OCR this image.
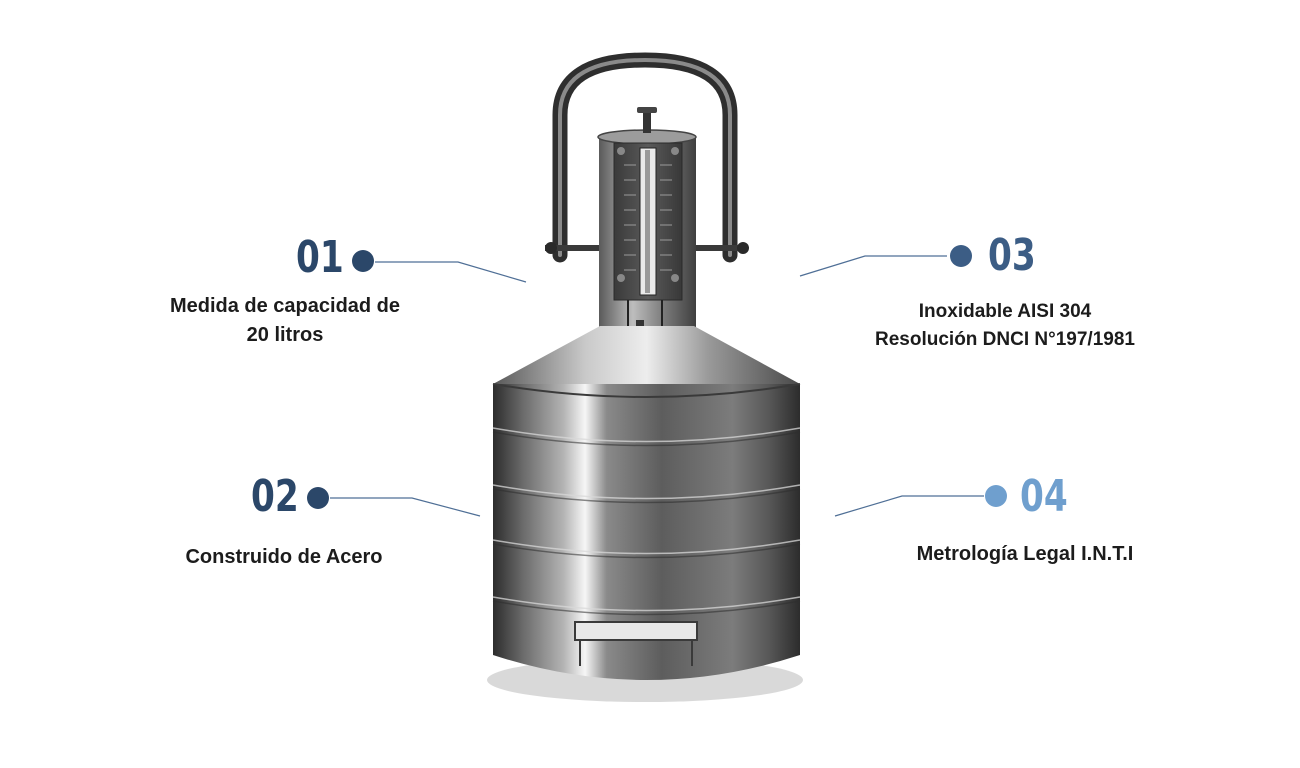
01
Medida de capacidad de
20 litros
02
Construido de Acero
03
Inoxidable AISI 304
Resolución DNCI N°197/1981
04
Metrología Legal I.N.T.I
